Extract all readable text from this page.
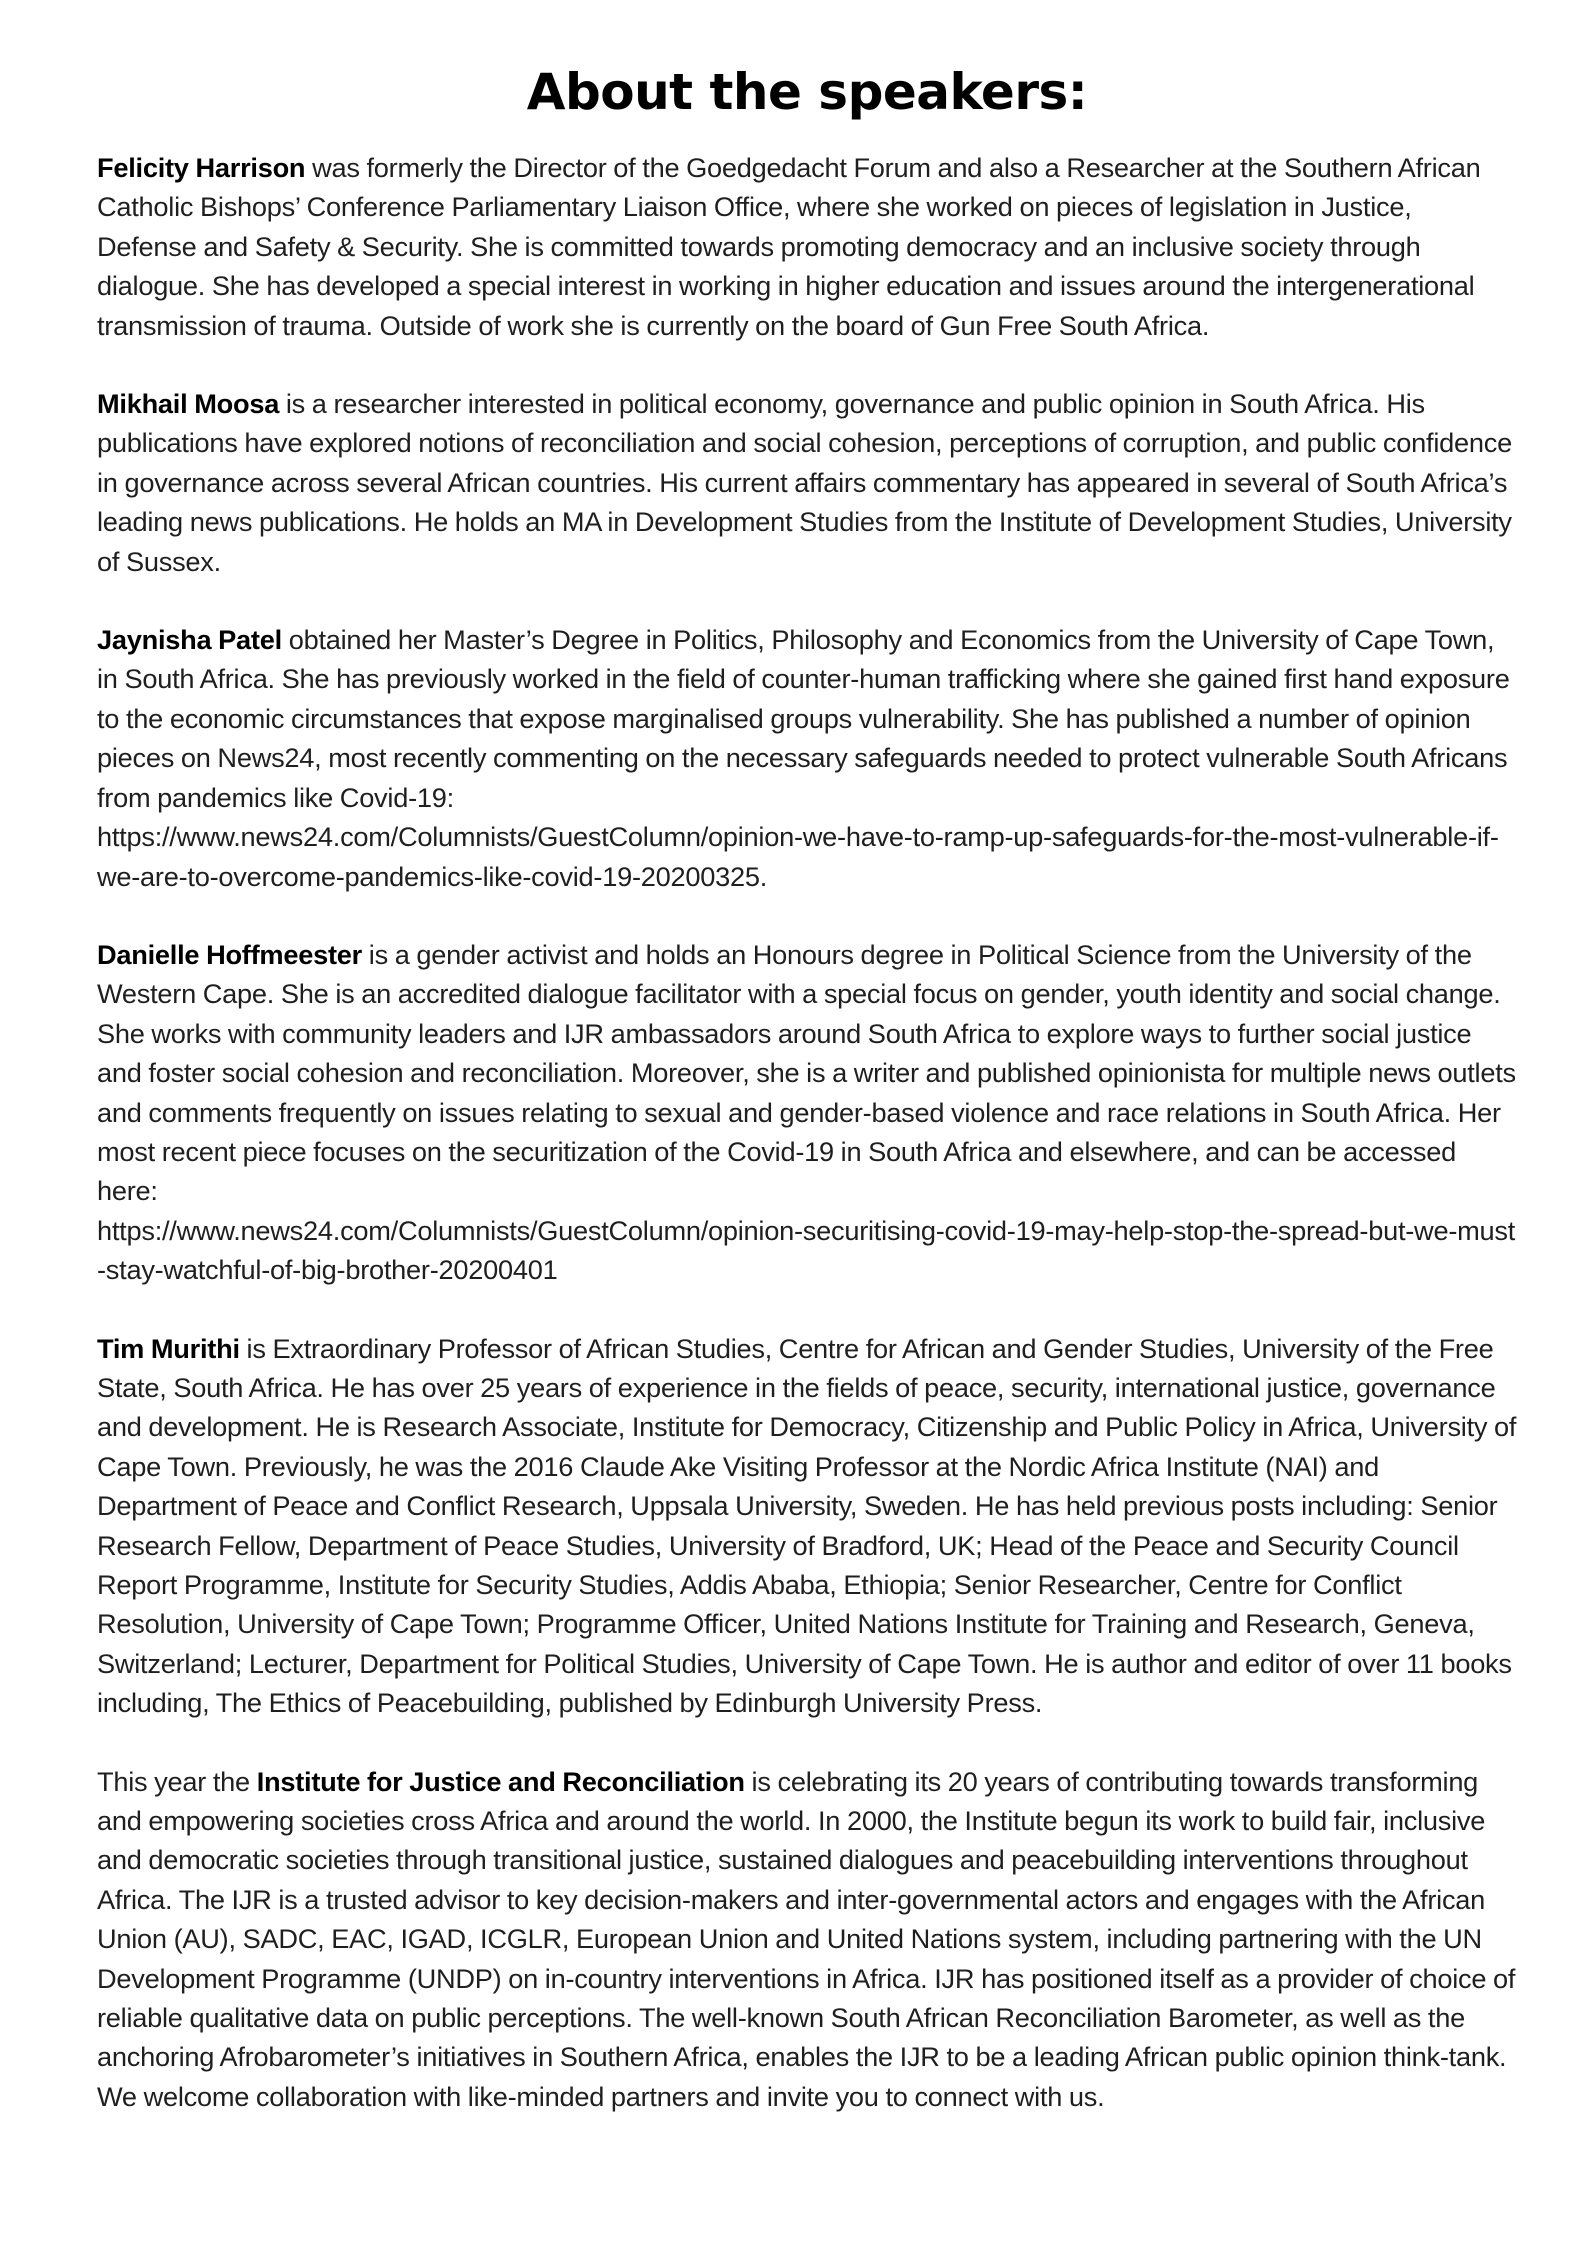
About the speakers:

Felicity Harrison was formerly the Director of the Goedgedacht Forum and also a Researcher at the Southern African Catholic Bishops’ Conference Parliamentary Liaison Office, where she worked on pieces of legislation in Justice, Defense and Safety & Security. She is committed towards promoting democracy and an inclusive society through dialogue. She has developed a special interest in working in higher education and issues around the intergenerational transmission of trauma. Outside of work she is currently on the board of Gun Free South Africa.

Mikhail Moosa is a researcher interested in political economy, governance and public opinion in South Africa. His publications have explored notions of reconciliation and social cohesion, perceptions of corruption, and public confidence in governance across several African countries. His current affairs commentary has appeared in several of South Africa’s leading news publications. He holds an MA in Development Studies from the Institute of Development Studies, University of Sussex.

Jaynisha Patel obtained her Master’s Degree in Politics, Philosophy and Economics from the University of Cape Town, in South Africa. She has previously worked in the field of counter-human trafficking where she gained first hand exposure to the economic circumstances that expose marginalised groups vulnerability. She has published a number of opinion pieces on News24, most recently commenting on the necessary safeguards needed to protect vulnerable South Africans from pandemics like Covid-19:
https://www.news24.com/Columnists/GuestColumn/opinion-we-have-to-ramp-up-safeguards-for-the-most-vulnerable-if-we-are-to-overcome-pandemics-like-covid-19-20200325.

Danielle Hoffmeester is a gender activist and holds an Honours degree in Political Science from the University of the Western Cape. She is an accredited dialogue facilitator with a special focus on gender, youth identity and social change. She works with community leaders and IJR ambassadors around South Africa to explore ways to further social justice and foster social cohesion and reconciliation. Moreover, she is a writer and published opinionista for multiple news outlets and comments frequently on issues relating to sexual and gender-based violence and race relations in South Africa. Her most recent piece focuses on the securitization of the Covid-19 in South Africa and elsewhere, and can be accessed here:
https://www.news24.com/Columnists/GuestColumn/opinion-securitising-covid-19-may-help-stop-the-spread-but-we-must-stay-watchful-of-big-brother-20200401

Tim Murithi is Extraordinary Professor of African Studies, Centre for African and Gender Studies, University of the Free State, South Africa. He has over 25 years of experience in the fields of peace, security, international justice, governance and development. He is Research Associate, Institute for Democracy, Citizenship and Public Policy in Africa, University of Cape Town. Previously, he was the 2016 Claude Ake Visiting Professor at the Nordic Africa Institute (NAI) and Department of Peace and Conflict Research, Uppsala University, Sweden. He has held previous posts including: Senior Research Fellow, Department of Peace Studies, University of Bradford, UK; Head of the Peace and Security Council Report Programme, Institute for Security Studies, Addis Ababa, Ethiopia; Senior Researcher, Centre for Conflict Resolution, University of Cape Town; Programme Officer, United Nations Institute for Training and Research, Geneva, Switzerland; Lecturer, Department for Political Studies, University of Cape Town. He is author and editor of over 11 books including, The Ethics of Peacebuilding, published by Edinburgh University Press.

This year the Institute for Justice and Reconciliation is celebrating its 20 years of contributing towards transforming and empowering societies cross Africa and around the world. In 2000, the Institute begun its work to build fair, inclusive and democratic societies through transitional justice, sustained dialogues and peacebuilding interventions throughout Africa. The IJR is a trusted advisor to key decision-makers and inter-governmental actors and engages with the African Union (AU), SADC, EAC, IGAD, ICGLR, European Union and United Nations system, including partnering with the UN Development Programme (UNDP) on in-country interventions in Africa. IJR has positioned itself as a provider of choice of reliable qualitative data on public perceptions. The well-known South African Reconciliation Barometer, as well as the anchoring Afrobarometer’s initiatives in Southern Africa, enables the IJR to be a leading African public opinion think-tank. We welcome collaboration with like-minded partners and invite you to connect with us.
